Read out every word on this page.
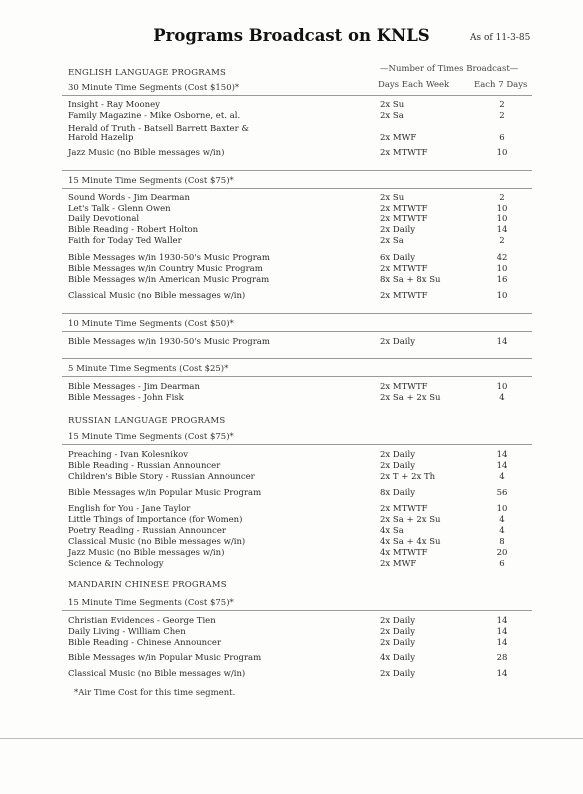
Programs Broadcast on KNLS	As of 11-3-85
—Number of Times Broadcast—
Days Each Week	Each 7 Days
ENGLISH LANGUAGE PROGRAMS
30 Minute Time Segments (Cost $150)*
Insight - Ray Mooney	2x Su	2
Family Magazine - Mike Osborne, et. al.	2x Sa	2
Herald of Truth - Batsell Barrett Baxter &
Harold Hazelip	2x MWF	6
Jazz Music (no Bible messages w/in)	2x MTWTF	10
15 Minute Time Segments (Cost $75)*
Sound Words - Jim Dearman	2x Su	2
Let's Talk - Glenn Owen	2x MTWTF	10
Daily Devotional	2x MTWTF	10
Bible Reading - Robert Holton	2x Daily	14
Faith for Today Ted Waller	2x Sa	2
Bible Messages w/in 1930-50's Music Program	6x Daily	42
Bible Messages w/in Country Music Program	2x MTWTF	10
Bible Messages w/in American Music Program	8x Sa + 8x Su	16
Classical Music (no Bible messages w/in)	2x MTWTF	10
10 Minute Time Segments (Cost $50)*
Bible Messages w/in 1930-50's Music Program	2x Daily	14
5 Minute Time Segments (Cost $25)*
Bible Messages - Jim Dearman	2x MTWTF	10
Bible Messages - John Fisk	2x Sa + 2x Su	4
RUSSIAN LANGUAGE PROGRAMS
15 Minute Time Segments (Cost $75)*
Preaching - Ivan Kolesnikov	2x Daily	14
Bible Reading - Russian Announcer	2x Daily	14
Children's Bible Story - Russian Announcer	2x T + 2x Th	4
Bible Messages w/in Popular Music Program	8x Daily	56
English for You - Jane Taylor	2x MTWTF	10
Little Things of Importance (for Women)	2x Sa + 2x Su	4
Poetry Reading - Russian Announcer	4x Sa	4
Classical Music (no Bible messages w/in)	4x Sa + 4x Su	8
Jazz Music (no Bible messages w/in)	4x MTWTF	20
Science & Technology	2x MWF	6
MANDARIN CHINESE PROGRAMS
15 Minute Time Segments (Cost $75)*
Christian Evidences - George Tien	2x Daily	14
Daily Living - William Chen	2x Daily	14
Bible Reading - Chinese Announcer	2x Daily	14
Bible Messages w/in Popular Music Program	4x Daily	28
Classical Music (no Bible messages w/in)	2x Daily	14
*Air Time Cost for this time segment.
